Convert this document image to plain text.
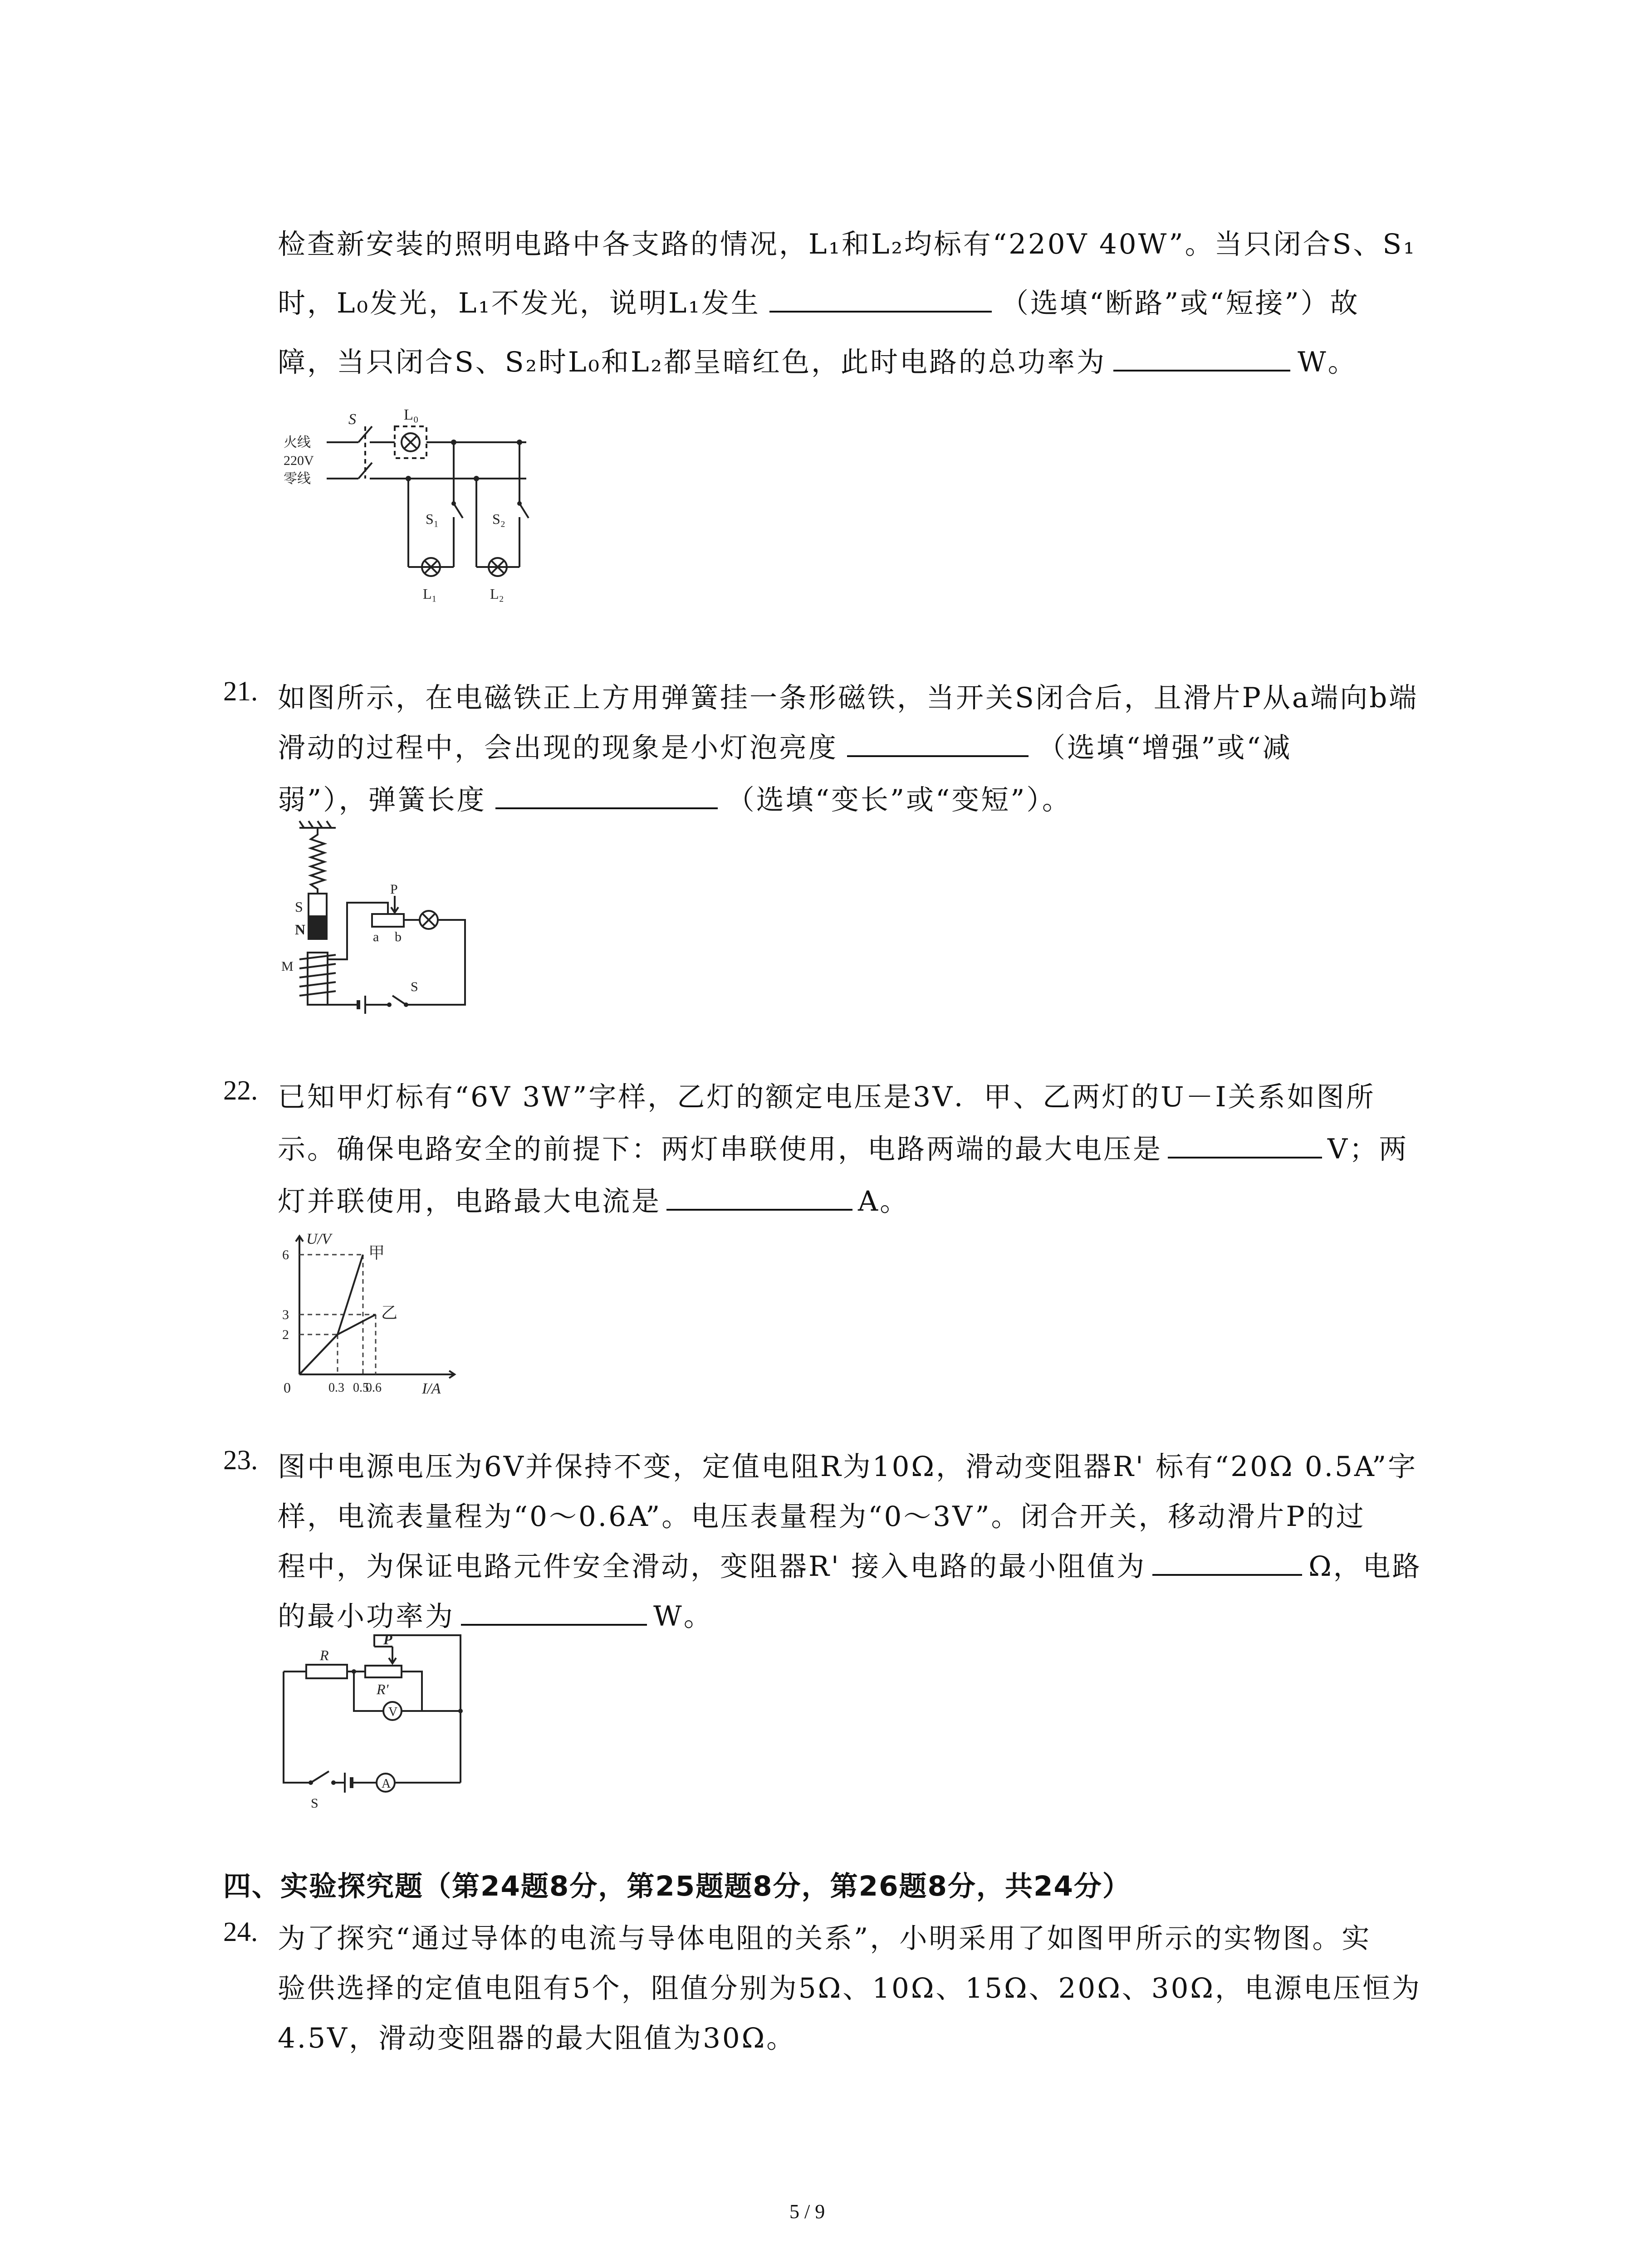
检查新安装的照明电路中各支路的情况，L₁和L₂均标有“220V 40W”。当只闭合S、S₁
时，L₀发光，L₁不发光，说明L₁发生	（选填“断路”或“短接”）故
障，当只闭合S、S₂时L₀和L₂都呈暗红色，此时电路的总功率为	W。
火线
220V
零线
S	L₀
S₁	S₂
L₁	L₂
21. 如图所示，在电磁铁正上方用弹簧挂一条形磁铁，当开关S闭合后，且滑片P从a端向b端
滑动的过程中，会出现的现象是小灯泡亮度	（选填“增强”或“减
弱”），弹簧长度	（选填“变长”或“变短”）。
S
N
P
a b
M
S
22. 已知甲灯标有“6V 3W”字样，乙灯的额定电压是3V．甲、乙两灯的U－I关系如图所
示。确保电路安全的前提下：两灯串联使用，电路两端的最大电压是	V；两
灯并联使用，电路最大电流是	A。
甲
乙
2
3
6
0.3 0.5
0.6
U/V
I/A
0
23. 图中电源电压为6V并保持不变，定值电阻R为10Ω，滑动变阻器R' 标有“20Ω 0.5A”字
样，电流表量程为“0～0.6A”。电压表量程为“0～3V”。闭合开关，移动滑片P的过
程中，为保证电路元件安全滑动，变阻器R' 接入电路的最小阻值为	Ω，电路
的最小功率为	W。
R
P
R'
V
A
S
四、实验探究题（第24题8分，第25题题8分，第26题8分，共24分）
24. 为了探究“通过导体的电流与导体电阻的关系”，小明采用了如图甲所示的实物图。实
验供选择的定值电阻有5个，阻值分别为5Ω、10Ω、15Ω、20Ω、30Ω，电源电压恒为
4.5V，滑动变阻器的最大阻值为30Ω。
5 / 9
